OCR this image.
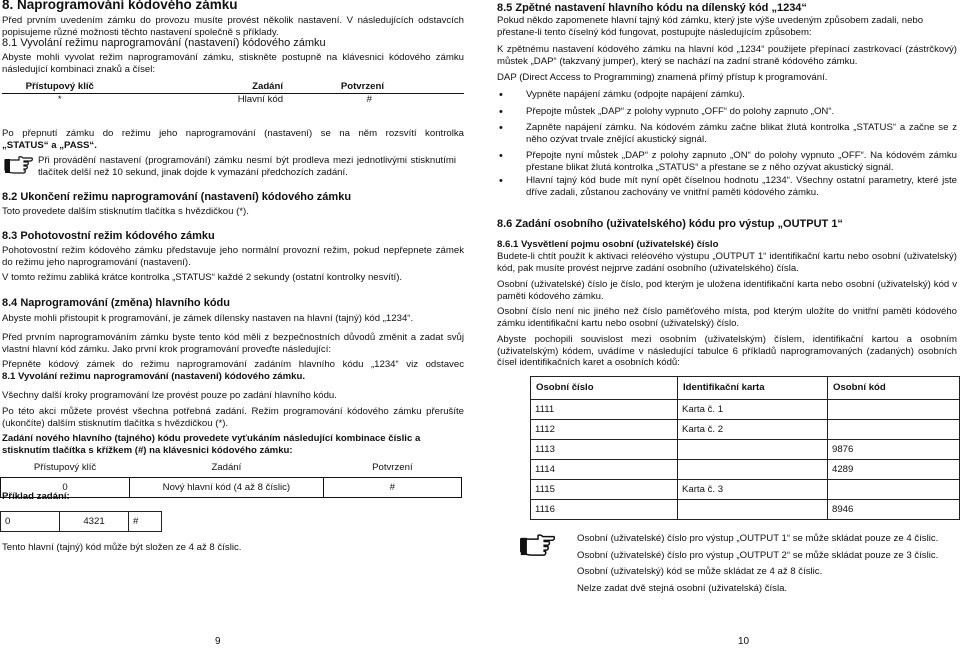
8. Naprogramování kódového zámku

Před prvním uvedením zámku do provozu musíte provést několik nastavení. V následujících odstavcích popisujeme různé možnosti těchto nastavení společně s příklady.

8.1 Vyvolání režimu naprogramování (nastavení) kódového zámku

Abyste mohli vyvolat režim naprogramování zámku, stiskněte postupně na klávesnici kódového zámku následující kombinaci znaků a čísel:

Přístupový klíč	Zadání	Potvrzení
*	Hlavní kód	#

Po přepnutí zámku do režimu jeho naprogramování (nastavení) se na něm rozsvítí kontrolka

„STATUS“ a „PASS“.

Při provádění nastavení (programování) zámku nesmí být prodleva mezi jednotlivými stisknutími tlačítek delší než 10 sekund, jinak dojde k vymazání předchozích zadání.

8.2 Ukončení režimu naprogramování (nastavení) kódového zámku

Toto provedete dalším stisknutím tlačítka s hvězdičkou (*).

8.3 Pohotovostní režim kódového zámku

Pohotovostní režim kódového zámku představuje jeho normální provozní režim, pokud nepřepnete zámek do režimu jeho naprogramování (nastavení).

V tomto režimu zabliká krátce kontrolka „STATUS“ každé 2 sekundy (ostatní kontrolky nesvítí).

8.4 Naprogramování (změna) hlavního kódu

Abyste mohli přistoupit k programování, je zámek dílensky nastaven na hlavní (tajný) kód „1234“.

Před prvním naprogramováním zámku byste tento kód měli z bezpečnostních důvodů změnit a zadat svůj vlastní hlavní kód zámku. Jako první krok programování proveďte následující:

Přepněte kódový zámek do režimu naprogramování zadáním hlavního kódu „1234“ viz odstavec

8.1 Vyvolání režimu naprogramování (nastavení) kódového zámku.

Všechny další kroky programování lze provést pouze po zadání hlavního kódu.

Po této akci můžete provést všechna potřebná zadání. Režim programování kódového zámku přerušíte (ukončíte) dalším stisknutím tlačítka s hvězdičkou (*).

Zadání nového hlavního (tajného) kódu provedete vyťukáním následující kombinace číslic a stisknutím tlačítka s křížkem (#) na klávesnici kódového zámku:

Přístupový klíč	Zadání	Potvrzení
0	Nový hlavní kód (4 až 8 číslic)	#

Příklad zadání:

0	4321	#

Tento hlavní (tajný) kód může být složen ze 4 až 8 číslic.

9
8.5 Zpětné nastavení hlavního kódu na dílenský kód „1234“

Pokud někdo zapomenete hlavní tajný kód zámku, který jste výše uvedeným způsobem zadali, nebo přestane-li tento číselný kód fungovat, postupujte následujícím způsobem:

K zpětnému nastavení kódového zámku na hlavní kód „1234“ použijete přepínací zastrkovací (zástrčkový) můstek „DAP“ (takzvaný jumper), který se nachází na zadní straně kódového zámku.

DAP (Direct Access to Programming) znamená přímý přístup k programování.

• Vypněte napájení zámku (odpojte napájení zámku).
• Přepojte můstek „DAP“ z polohy vypnuto „OFF“ do polohy zapnuto „ON“.
• Zapněte napájení zámku. Na kódovém zámku začne blikat žlutá kontrolka „STATUS“ a začne se z něho ozývat trvale znějící akustický signál.
• Přepojte nyní můstek „DAP“ z polohy zapnuto „ON“ do polohy vypnuto „OFF“. Na kódovém zámku přestane blikat žlutá kontrolka „STATUS“ a přestane se z něho ozývat akustický signál.
• Hlavní tajný kód bude mít nyní opět číselnou hodnotu „1234“. Všechny ostatní parametry, které jste dříve zadali, zůstanou zachovány ve vnitřní paměti kódového zámku.
8.6 Zadání osobního (uživatelského) kódu pro výstup „OUTPUT 1“

8.6.1 Vysvětlení pojmu osobní (uživatelské) číslo

Budete-li chtít použít k aktivaci reléového výstupu „OUTPUT 1“ identifikační kartu nebo osobní (uživatelský) kód, pak musíte provést nejprve zadání osobního (uživatelského) čísla.

Osobní (uživatelské) číslo je číslo, pod kterým je uložena identifikační karta nebo osobní (uživatelský) kód v paměti kódového zámku.

Osobní číslo není nic jiného než číslo paměťového místa, pod kterým uložíte do vnitřní paměti kódového zámku identifikační kartu nebo osobní (uživatelský) číslo.

Abyste pochopili souvislost mezi osobním (uživatelským) číslem, identifikační kartou a osobním (uživatelským) kódem, uvádíme v následující tabulce 6 příkladů naprogramovaných (zadaných) osobních čísel identifikačních karet a osobních kódů:

Osobní číslo	Identifikační karta	Osobní kód
1111	Karta č. 1	
1112	Karta č. 2	
1113		9876
1114		4289
1115	Karta č. 3	
1116		8946
Osobní (uživatelské) číslo pro výstup „OUTPUT 1“ se může skládat pouze ze 4 číslic.
Osobní (uživatelské) číslo pro výstup „OUTPUT 2“ se může skládat pouze ze 3 číslic.
Osobní (uživatelský) kód se může skládat ze 4 až 8 číslic.
Nelze zadat dvě stejná osobní (uživatelská) čísla.
10
